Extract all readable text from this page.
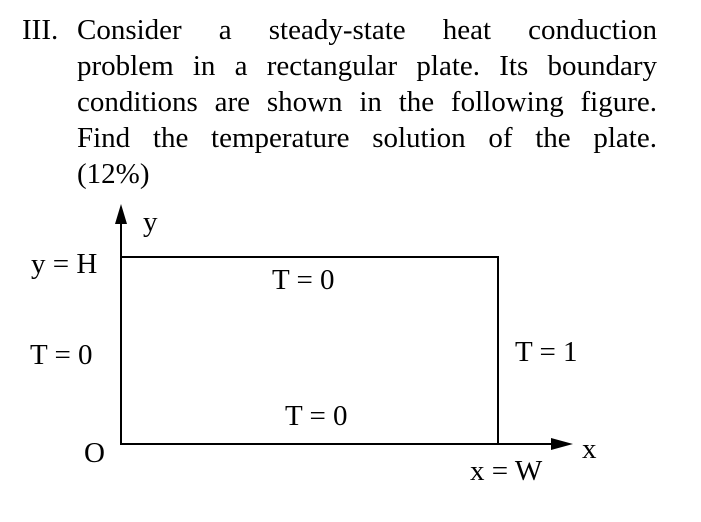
III. Consider a steady-state heat conduction
problem in a rectangular plate. Its boundary
conditions are shown in the following figure.
Find the temperature solution of the plate.
(12%)
y
x
O
y = H
x = W
T = 0
T = 0	T = 1
T = 0
